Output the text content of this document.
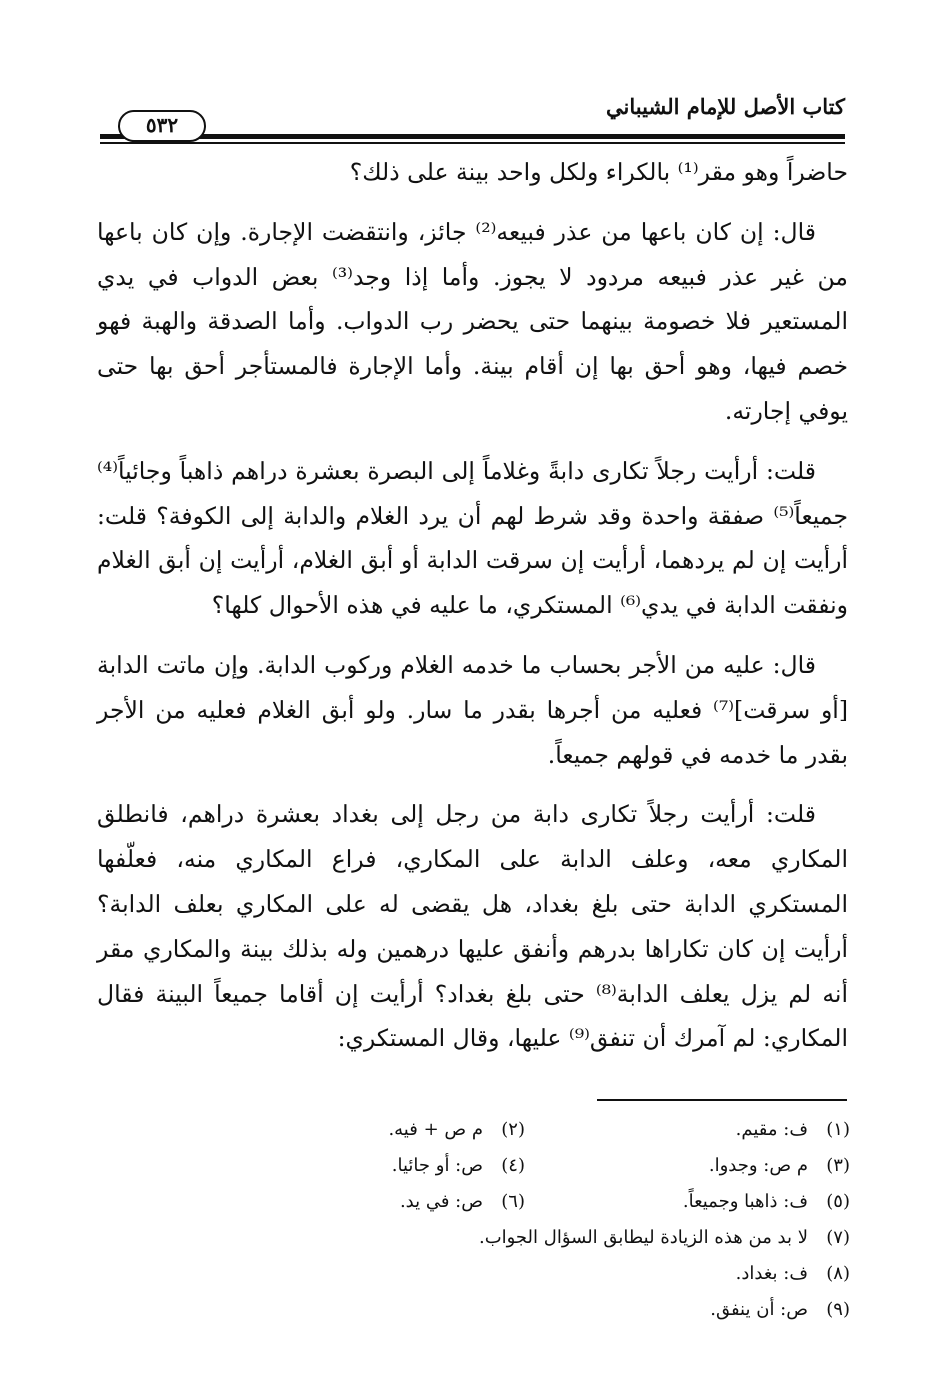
كتاب الأصل للإمام الشيباني
٥٣٢

حاضراً وهو مقر⁽¹⁾ بالكراء ولكل واحد بينة على ذلك؟

قال: إن كان باعها من عذر فبيعه⁽²⁾ جائز، وانتقضت الإجارة. وإن كان باعها من غير عذر فبيعه مردود لا يجوز. وأما إذا وجد⁽³⁾ بعض الدواب في يدي المستعير فلا خصومة بينهما حتى يحضر رب الدواب. وأما الصدقة والهبة فهو خصم فيها، وهو أحق بها إن أقام بينة. وأما الإجارة فالمستأجر أحق بها حتى يوفي إجارته.

قلت: أرأيت رجلاً تكارى دابةً وغلاماً إلى البصرة بعشرة دراهم ذاهباً وجائياً⁽⁴⁾ جميعاً⁽⁵⁾ صفقة واحدة وقد شرط لهم أن يرد الغلام والدابة إلى الكوفة؟ قلت: أرأيت إن لم يردهما، أرأيت إن سرقت الدابة أو أبق الغلام، أرأيت إن أبق الغلام ونفقت الدابة في يدي⁽⁶⁾ المستكري، ما عليه في هذه الأحوال كلها؟

قال: عليه من الأجر بحساب ما خدمه الغلام وركوب الدابة. وإن ماتت الدابة [أو سرقت]⁽⁷⁾ فعليه من أجرها بقدر ما سار. ولو أبق الغلام فعليه من الأجر بقدر ما خدمه في قولهم جميعاً.

قلت: أرأيت رجلاً تكارى دابة من رجل إلى بغداد بعشرة دراهم، فانطلق المكاري معه، وعلف الدابة على المكاري، فراع المكاري منه، فعلّفها المستكري الدابة حتى بلغ بغداد، هل يقضى له على المكاري بعلف الدابة؟ أرأيت إن كان تكاراها بدرهم وأنفق عليها درهمين وله بذلك بينة والمكاري مقر أنه لم يزل يعلف الدابة⁽⁸⁾ حتى بلغ بغداد؟ أرأيت إن أقاما جميعاً البينة فقال المكاري: لم آمرك أن تنفق⁽⁹⁾ عليها، وقال المستكري:

(١)ف: مقيم.
(٢)م ص + فيه.
(٣)م ص: وجدوا.
(٤)ص: أو جائيا.
(٥)ف: ذاهبا وجميعاً.
(٦)ص: في يد.
(٧)لا بد من هذه الزيادة ليطابق السؤال الجواب.
(٨)ف: بغداد.
(٩)ص: أن ينفق.
